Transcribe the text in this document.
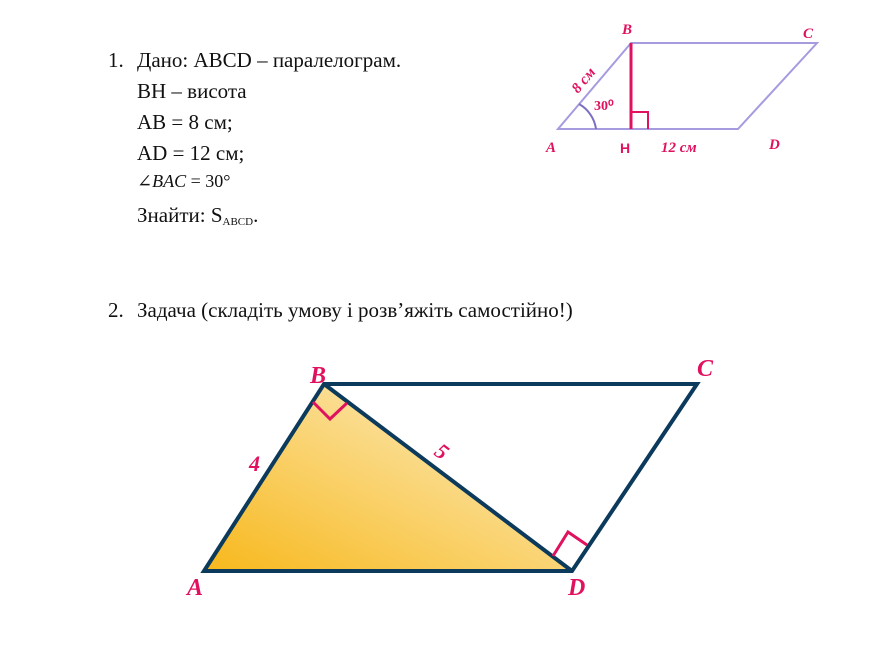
1. Дано: ABCD – паралелограм.
BH – висота
AB = 8 см;
AD = 12 см;
∠BAC = 30°
Знайти: $S_{ABCD}$.
2. Задача (складіть умову і розв’яжіть самостійно!)
B	C
A	D
H 12 см
8 см
30⁰
B	C
A	D
4	5
